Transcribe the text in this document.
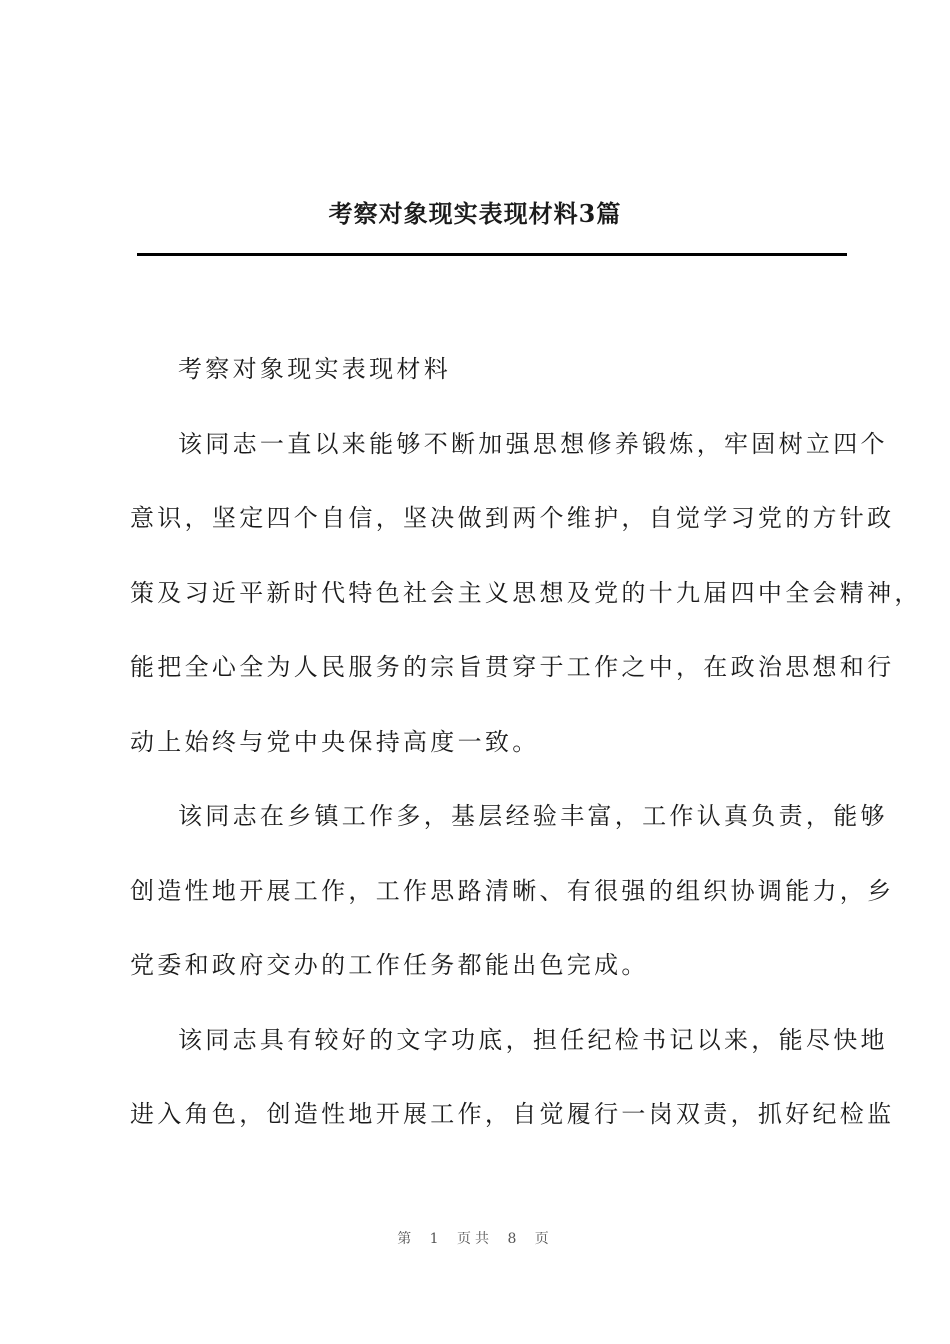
考察对象现实表现材料3篇
考察对象现实表现材料
该同志一直以来能够不断加强思想修养锻炼，牢固树立四个
意识，坚定四个自信，坚决做到两个维护，自觉学习党的方针政
策及习近平新时代特色社会主义思想及党的十九届四中全会精神，
能把全心全为人民服务的宗旨贯穿于工作之中，在政治思想和行
动上始终与党中央保持高度一致。
该同志在乡镇工作多，基层经验丰富，工作认真负责，能够
创造性地开展工作，工作思路清晰、有很强的组织协调能力，乡
党委和政府交办的工作任务都能出色完成。
该同志具有较好的文字功底，担任纪检书记以来，能尽快地
进入角色，创造性地开展工作，自觉履行一岗双责，抓好纪检监
第 1 页共 8 页
